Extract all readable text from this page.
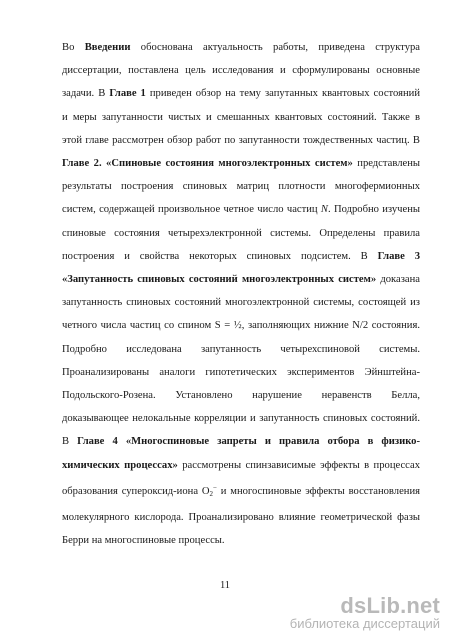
Во Введении обоснована актуальность работы, приведена структура
диссертации, поставлена цель исследования и сформулированы основные
задачи. В Главе 1 приведен обзор на тему запутанных квантовых состояний
и меры запутанности чистых и смешанных квантовых состояний. Также в
этой главе рассмотрен обзор работ по запутанности тождественных частиц. В
Главе 2. «Спиновые состояния многоэлектронных систем» представлены
результаты построения спиновых матриц плотности многофермионных
систем, содержащей произвольное четное число частиц N. Подробно изучены
спиновые состояния четырехэлектронной системы. Определены правила
построения и свойства некоторых спиновых подсистем. В Главе 3
«Запутанность спиновых состояний многоэлектронных систем» доказана
запутанность спиновых состояний многоэлектронной системы, состоящей из
четного числа частиц со спином S = ½, заполняющих нижние N/2 состояния.
Подробно исследована запутанность четырехспиновой системы.
Проанализированы аналоги гипотетических экспериментов Эйнштейна-
Подольского-Розена. Установлено нарушение неравенств Белла,
доказывающее нелокальные корреляции и запутанность спиновых состояний.
В Главе 4 «Многоспиновые запреты и правила отбора в физико-
химических процессах» рассмотрены спинзависимые эффекты в процессах
образования супероксид-иона $O_2^-$ и многоспиновые эффекты восстановления
молекулярного кислорода. Проанализировано влияние геометрической фазы
Берри на многоспиновые процессы.

11
dsLib.net
библиотека диссертаций
